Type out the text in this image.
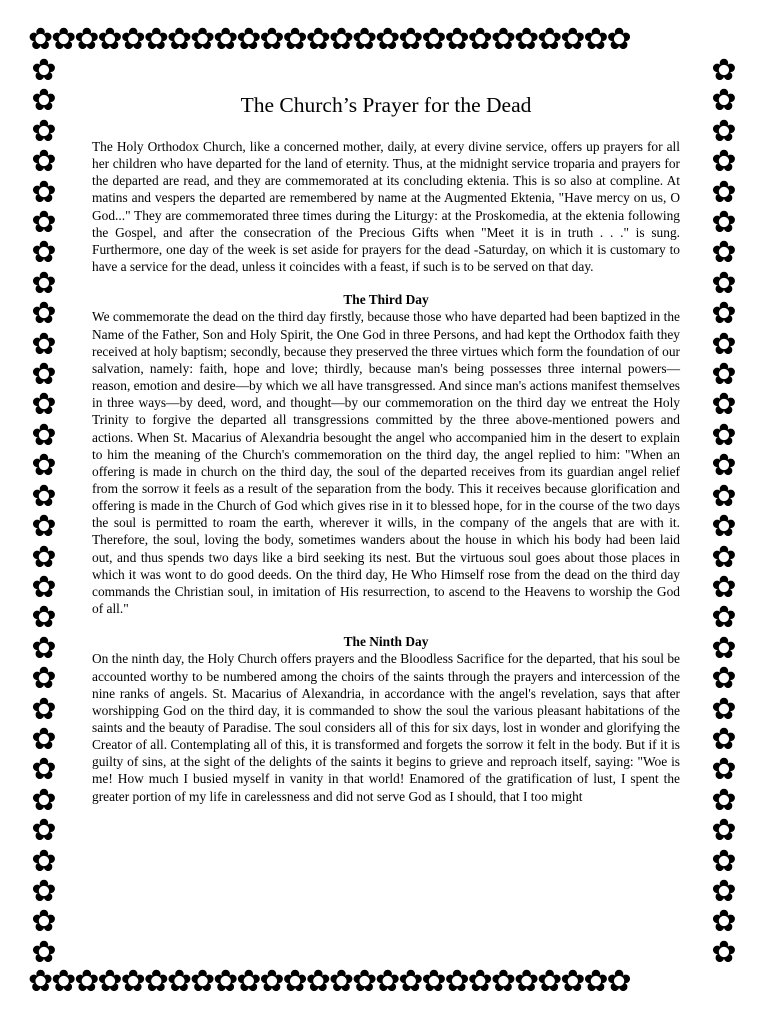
✿✿✿✿✿✿✿✿✿✿✿✿✿✿✿✿✿✿✿✿✿✿✿✿✿✿
✿✿✿✿✿✿✿✿✿✿✿✿✿✿✿✿✿✿✿✿✿✿✿✿✿✿
✿
✿
✿
✿
✿
✿
✿
✿
✿
✿
✿
✿
✿
✿
✿
✿
✿
✿
✿
✿
✿
✿
✿
✿
✿
✿
✿
✿
✿
✿
✿
✿
✿
✿
✿
✿
✿
✿
✿
✿
✿
✿
✿
✿
✿
✿
✿
✿
✿
✿
✿
✿
✿
✿
✿
✿
✿
✿
✿
✿
The Church’s Prayer for the Dead

The Holy Orthodox Church, like a concerned mother, daily, at every divine service, offers up prayers for all her children who have departed for the land of eternity. Thus, at the midnight service troparia and prayers for the departed are read, and they are commemorated at its concluding ektenia. This is so also at compline. At matins and vespers the departed are remembered by name at the Augmented Ektenia, "Have mercy on us, O God..." They are commemorated three times during the Liturgy: at the Proskomedia, at the ektenia following the Gospel, and after the consecration of the Precious Gifts when "Meet it is in truth . . ." is sung. Furthermore, one day of the week is set aside for prayers for the dead -Saturday, on which it is customary to have a service for the dead, unless it coincides with a feast, if such is to be served on that day.

The Third Day

We commemorate the dead on the third day firstly, because those who have departed had been baptized in the Name of the Father, Son and Holy Spirit, the One God in three Persons, and had kept the Orthodox faith they received at holy baptism; secondly, because they preserved the three virtues which form the foundation of our salvation, namely: faith, hope and love; thirdly, because man's being possesses three internal powers—reason, emotion and desire—by which we all have transgressed. And since man's actions manifest themselves in three ways—by deed, word, and thought—by our commemoration on the third day we entreat the Holy Trinity to forgive the departed all transgressions committed by the three above-mentioned powers and actions. When St. Macarius of Alexandria besought the angel who accompanied him in the desert to explain to him the meaning of the Church's commemoration on the third day, the angel replied to him: "When an offering is made in church on the third day, the soul of the departed receives from its guardian angel relief from the sorrow it feels as a result of the separation from the body. This it receives because glorification and offering is made in the Church of God which gives rise in it to blessed hope, for in the course of the two days the soul is permitted to roam the earth, wherever it wills, in the company of the angels that are with it. Therefore, the soul, loving the body, sometimes wanders about the house in which his body had been laid out, and thus spends two days like a bird seeking its nest. But the virtuous soul goes about those places in which it was wont to do good deeds. On the third day, He Who Himself rose from the dead on the third day commands the Christian soul, in imitation of His resurrection, to ascend to the Heavens to worship the God of all."

The Ninth Day

On the ninth day, the Holy Church offers prayers and the Bloodless Sacrifice for the departed, that his soul be accounted worthy to be numbered among the choirs of the saints through the prayers and intercession of the nine ranks of angels. St. Macarius of Alexandria, in accordance with the angel's revelation, says that after worshipping God on the third day, it is commanded to show the soul the various pleasant habitations of the saints and the beauty of Paradise. The soul considers all of this for six days, lost in wonder and glorifying the Creator of all. Contemplating all of this, it is transformed and forgets the sorrow it felt in the body. But if it is guilty of sins, at the sight of the delights of the saints it begins to grieve and reproach itself, saying: "Woe is me! How much I busied myself in vanity in that world! Enamored of the gratification of lust, I spent the greater portion of my life in carelessness and did not serve God as I should, that I too might
